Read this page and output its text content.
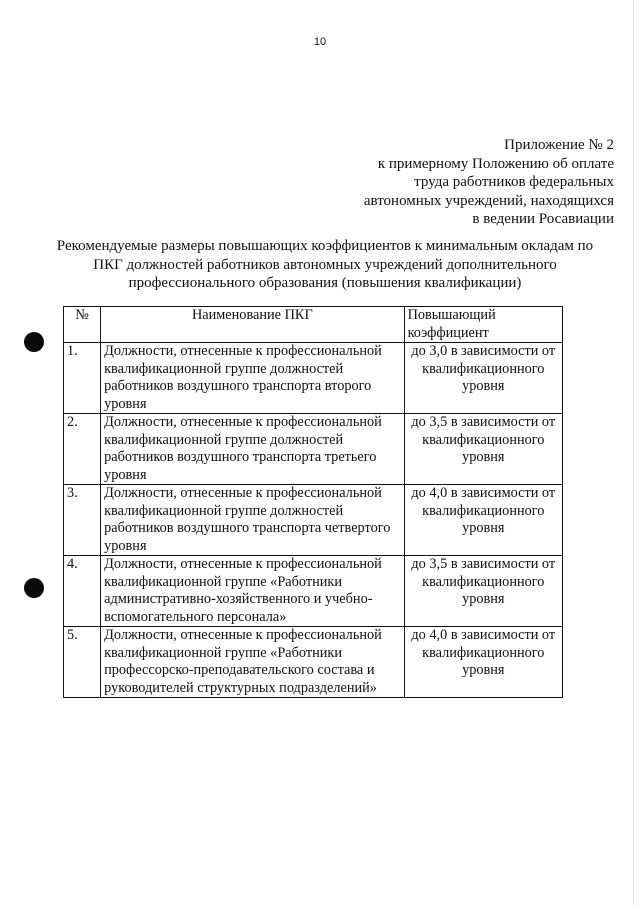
10
Приложение № 2
к примерному Положению об оплате
труда работников федеральных
автономных учреждений, находящихся
в ведении Росавиации
Рекомендуемые размеры повышающих коэффициентов к минимальным окладам по
ПКГ должностей работников автономных учреждений дополнительного
профессионального образования (повышения квалификации)
№	Наименование ПКГ	Повышающий коэффициент
1.	Должности, отнесенные к профессиональной квалификационной группе должностей работников воздушного транспорта второго уровня	до 3,0 в зависимости от квалификационного уровня
2.	Должности, отнесенные к профессиональной квалификационной группе должностей работников воздушного транспорта третьего уровня	до 3,5 в зависимости от квалификационного уровня
3.	Должности, отнесенные к профессиональной квалификационной группе должностей работников воздушного транспорта четвертого уровня	до 4,0 в зависимости от квалификационного уровня
4.	Должности, отнесенные к профессиональной квалификационной группе «Работники административно-хозяйственного и учебно-вспомогательного персонала»	до 3,5 в зависимости от квалификационного уровня
5.	Должности, отнесенные к профессиональной квалификационной группе «Работники профессорско-преподавательского состава и руководителей структурных подразделений»	до 4,0 в зависимости от квалификационного уровня
